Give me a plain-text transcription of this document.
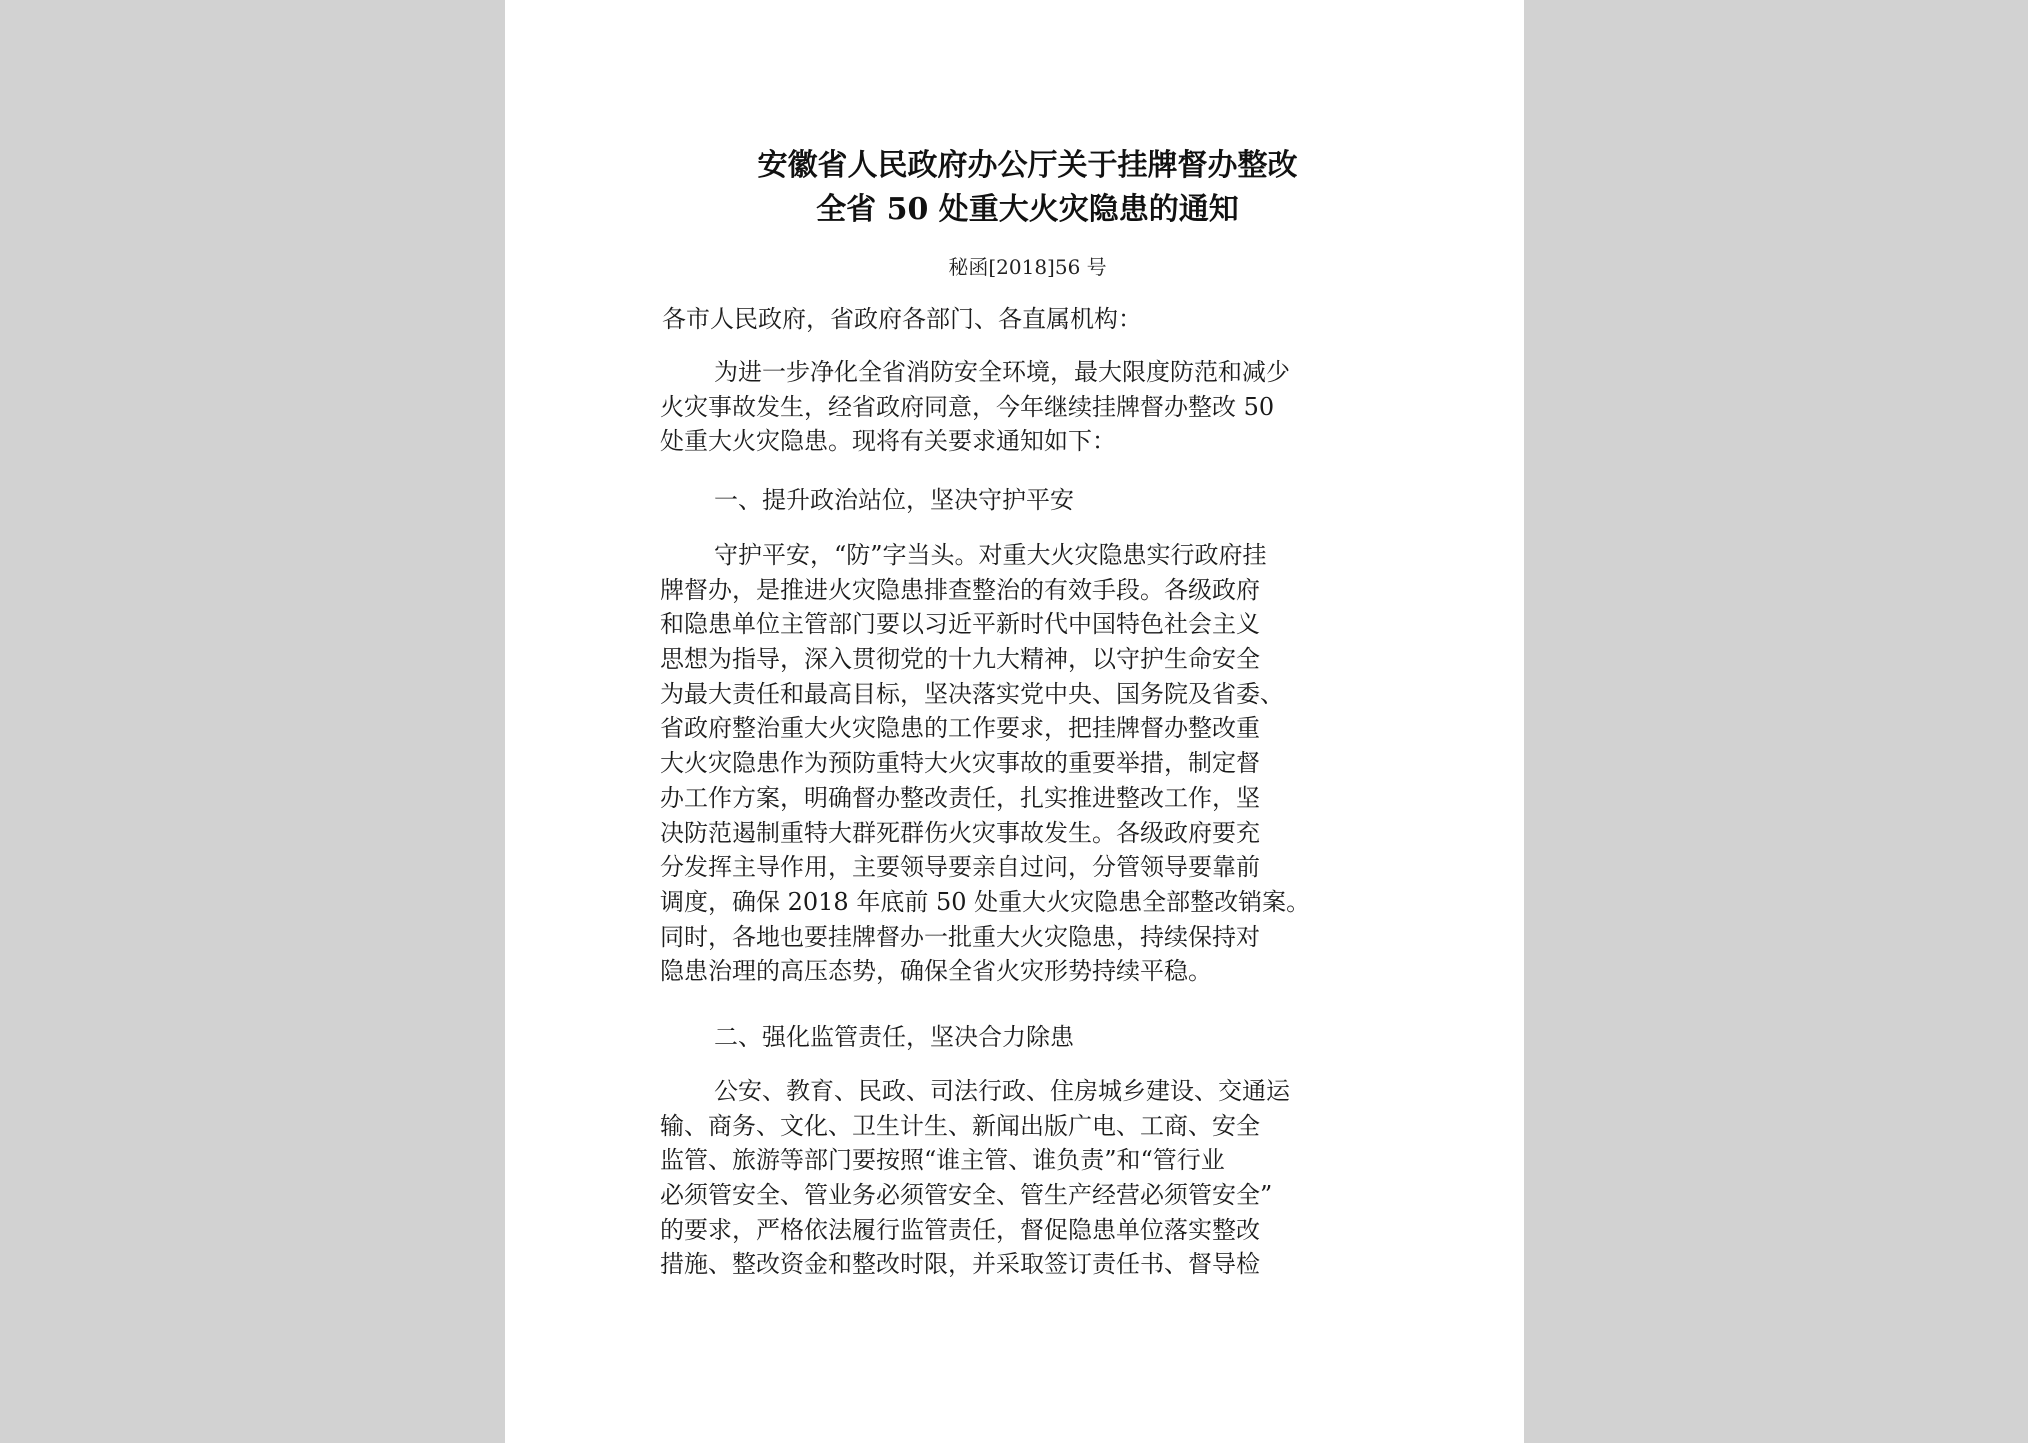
安徽省人民政府办公厅关于挂牌督办整改
全省 50 处重大火灾隐患的通知
秘函[2018]56 号
各市人民政府，省政府各部门、各直属机构：
为进一步净化全省消防安全环境，最大限度防范和减少
火灾事故发生，经省政府同意，今年继续挂牌督办整改 50
处重大火灾隐患。现将有关要求通知如下：
一、提升政治站位，坚决守护平安
守护平安，“防”字当头。对重大火灾隐患实行政府挂
牌督办，是推进火灾隐患排查整治的有效手段。各级政府
和隐患单位主管部门要以习近平新时代中国特色社会主义
思想为指导，深入贯彻党的十九大精神，以守护生命安全
为最大责任和最高目标，坚决落实党中央、国务院及省委、
省政府整治重大火灾隐患的工作要求，把挂牌督办整改重
大火灾隐患作为预防重特大火灾事故的重要举措，制定督
办工作方案，明确督办整改责任，扎实推进整改工作，坚
决防范遏制重特大群死群伤火灾事故发生。各级政府要充
分发挥主导作用，主要领导要亲自过问，分管领导要靠前
调度，确保 2018 年底前 50 处重大火灾隐患全部整改销案。
同时，各地也要挂牌督办一批重大火灾隐患，持续保持对
隐患治理的高压态势，确保全省火灾形势持续平稳。
二、强化监管责任，坚决合力除患
公安、教育、民政、司法行政、住房城乡建设、交通运
输、商务、文化、卫生计生、新闻出版广电、工商、安全
监管、旅游等部门要按照“谁主管、谁负责”和“管行业
必须管安全、管业务必须管安全、管生产经营必须管安全”
的要求，严格依法履行监管责任，督促隐患单位落实整改
措施、整改资金和整改时限，并采取签订责任书、督导检
